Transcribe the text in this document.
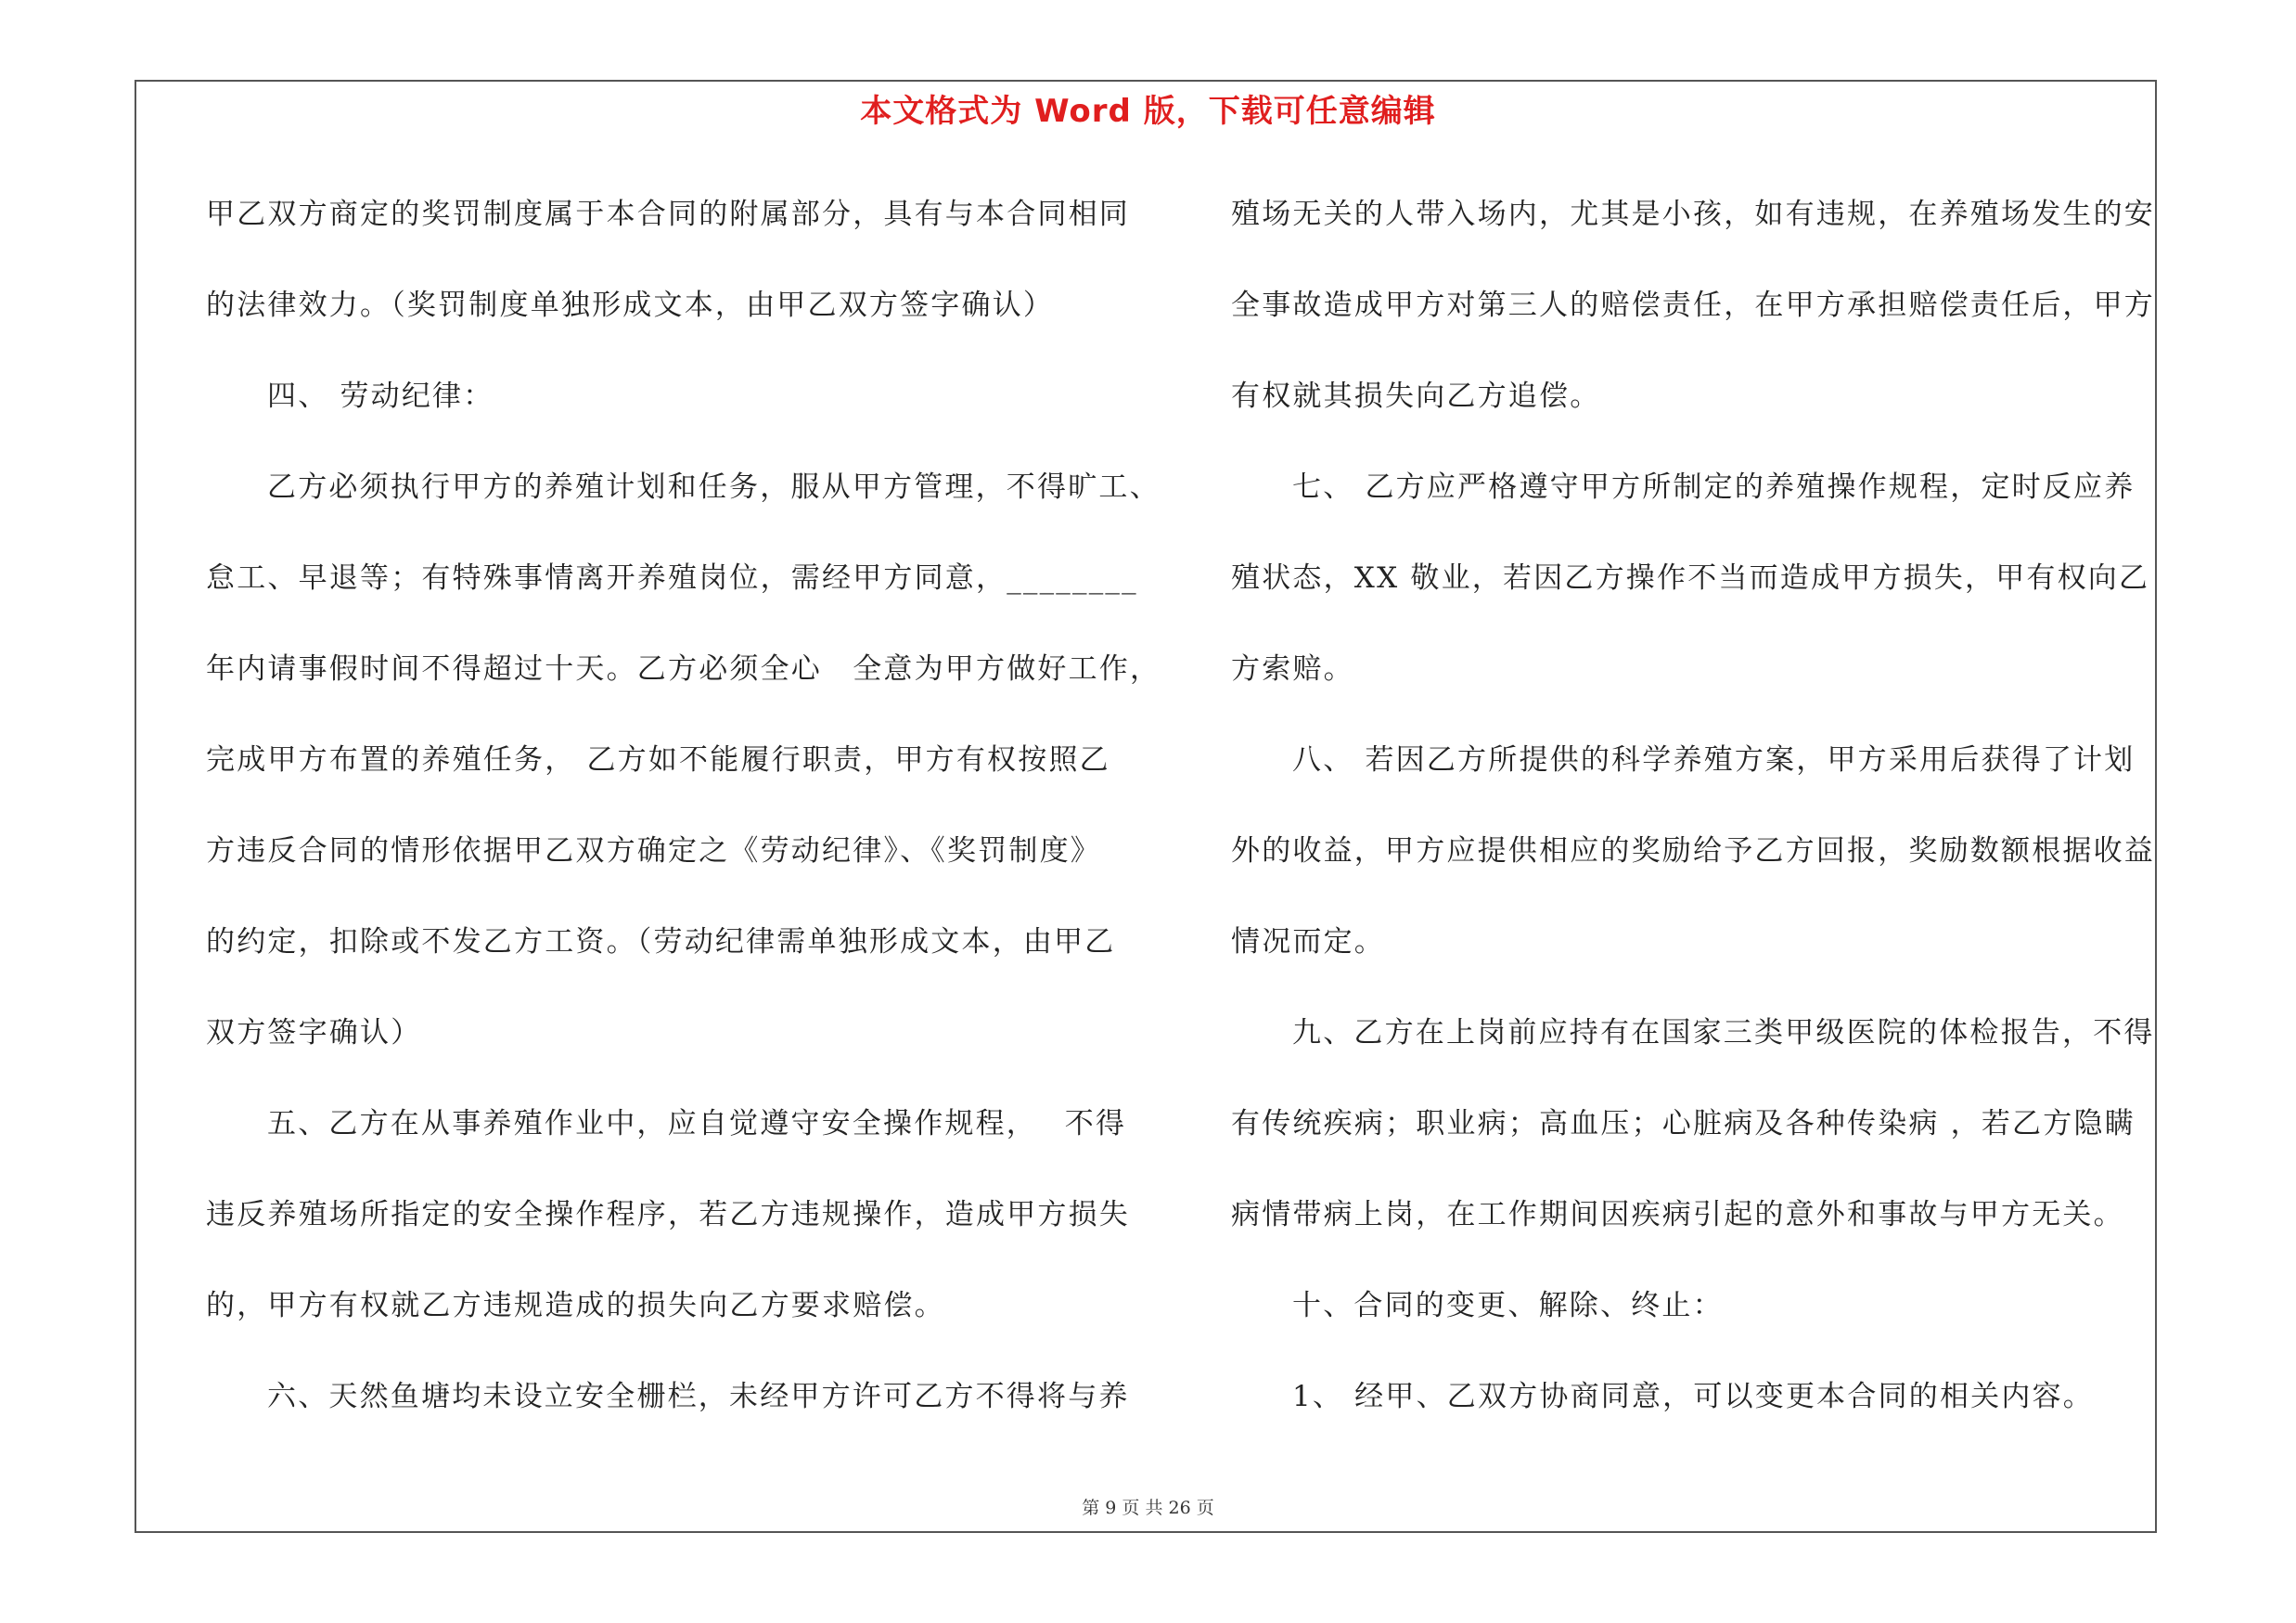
本文格式为 Word 版，下载可任意编辑
甲乙双方商定的奖罚制度属于本合同的附属部分，具有与本合同相同
的法律效力。（奖罚制度单独形成文本，由甲乙双方签字确认）
四、 劳动纪律：
乙方必须执行甲方的养殖计划和任务，服从甲方管理，不得旷工、
怠工、早退等；有特殊事情离开养殖岗位，需经甲方同意，________
年内请事假时间不得超过十天。乙方必须全心　全意为甲方做好工作，
完成甲方布置的养殖任务， 乙方如不能履行职责，甲方有权按照乙
方违反合同的情形依据甲乙双方确定之《劳动纪律》、《奖罚制度》
的约定，扣除或不发乙方工资。（劳动纪律需单独形成文本，由甲乙
双方签字确认）
五、乙方在从事养殖作业中，应自觉遵守安全操作规程，　 不得
违反养殖场所指定的安全操作程序，若乙方违规操作，造成甲方损失
的，甲方有权就乙方违规造成的损失向乙方要求赔偿。
六、天然鱼塘均未设立安全栅栏，未经甲方许可乙方不得将与养
殖场无关的人带入场内，尤其是小孩，如有违规，在养殖场发生的安
全事故造成甲方对第三人的赔偿责任，在甲方承担赔偿责任后，甲方
有权就其损失向乙方追偿。
七、 乙方应严格遵守甲方所制定的养殖操作规程，定时反应养
殖状态，XX 敬业，若因乙方操作不当而造成甲方损失，甲有权向乙
方索赔。
八、 若因乙方所提供的科学养殖方案，甲方采用后获得了计划
外的收益，甲方应提供相应的奖励给予乙方回报，奖励数额根据收益
情况而定。
九、乙方在上岗前应持有在国家三类甲级医院的体检报告，不得
有传统疾病；职业病；高血压；心脏病及各种传染病 ，若乙方隐瞒
病情带病上岗，在工作期间因疾病引起的意外和事故与甲方无关。
十、合同的变更、解除、终止：
1、 经甲、乙双方协商同意，可以变更本合同的相关内容。
第 9 页 共 26 页
